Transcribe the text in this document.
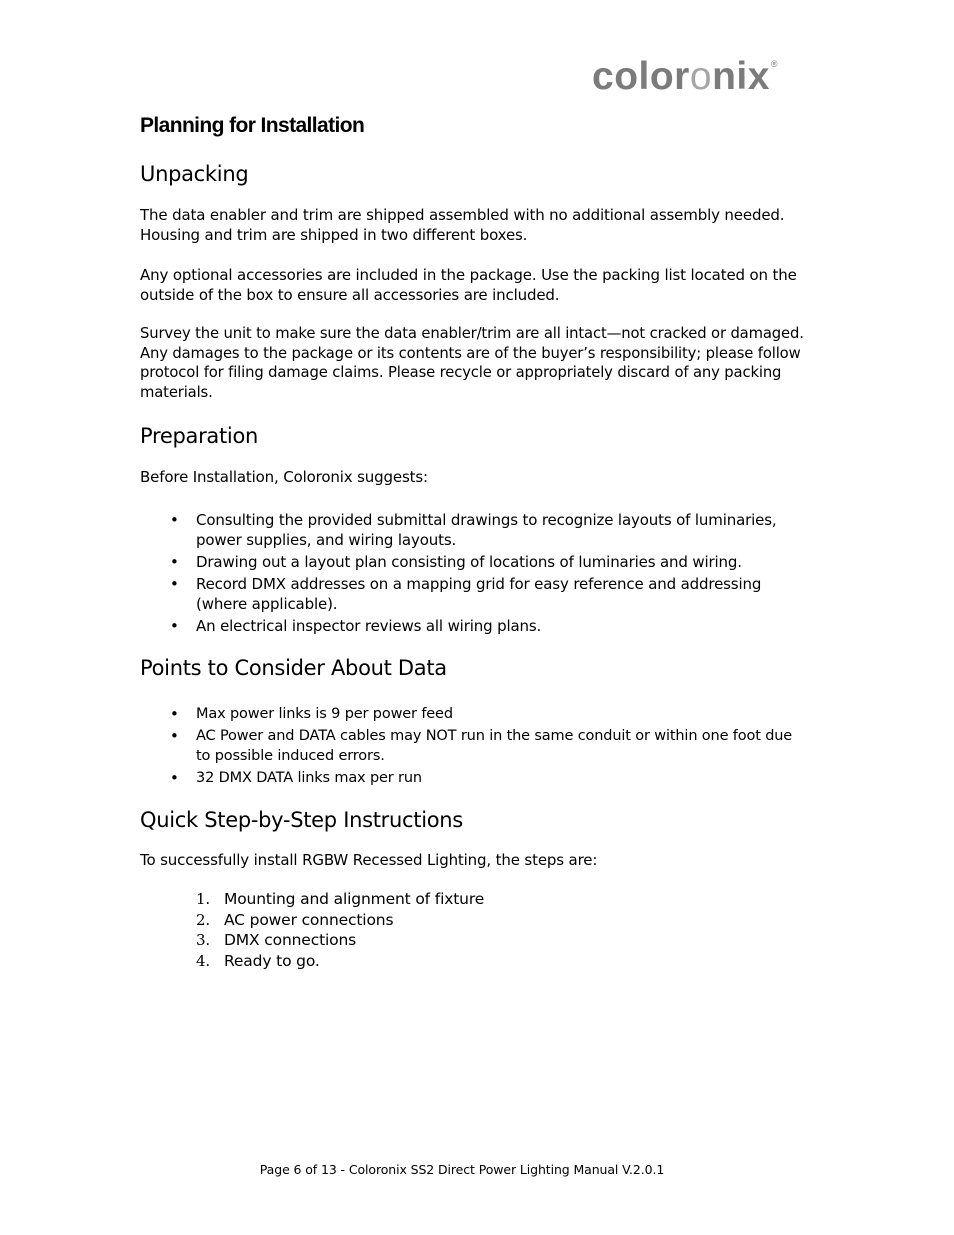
color o nix ®
Planning for Installation
Unpacking

The data enabler and trim are shipped assembled with no additional assembly needed. Housing and trim are shipped in two different boxes.

Any optional accessories are included in the package. Use the packing list located on the outside of the box to ensure all accessories are included.

Survey the unit to make sure the data enabler/trim are all intact—not cracked or damaged. Any damages to the package or its contents are of the buyer’s responsibility; please follow protocol for filing damage claims. Please recycle or appropriately discard of any packing materials.

Preparation

Before Installation, Coloronix suggests:

• Consulting the provided submittal drawings to recognize layouts of luminaries, power supplies, and wiring layouts.
• Drawing out a layout plan consisting of locations of luminaries and wiring.
• Record DMX addresses on a mapping grid for easy reference and addressing (where applicable).
• An electrical inspector reviews all wiring plans.
Points to Consider About Data
• Max power links is 9 per power feed
• AC Power and DATA cables may NOT run in the same conduit or within one foot due to possible induced errors.
• 32 DMX DATA links max per run
Quick Step-by-Step Instructions

To successfully install RGBW Recessed Lighting, the steps are:

1. Mounting and alignment of fixture
2. AC power connections
3. DMX connections
4. Ready to go.
Page 6 of 13 - Coloronix SS2 Direct Power Lighting Manual V.2.0.1
